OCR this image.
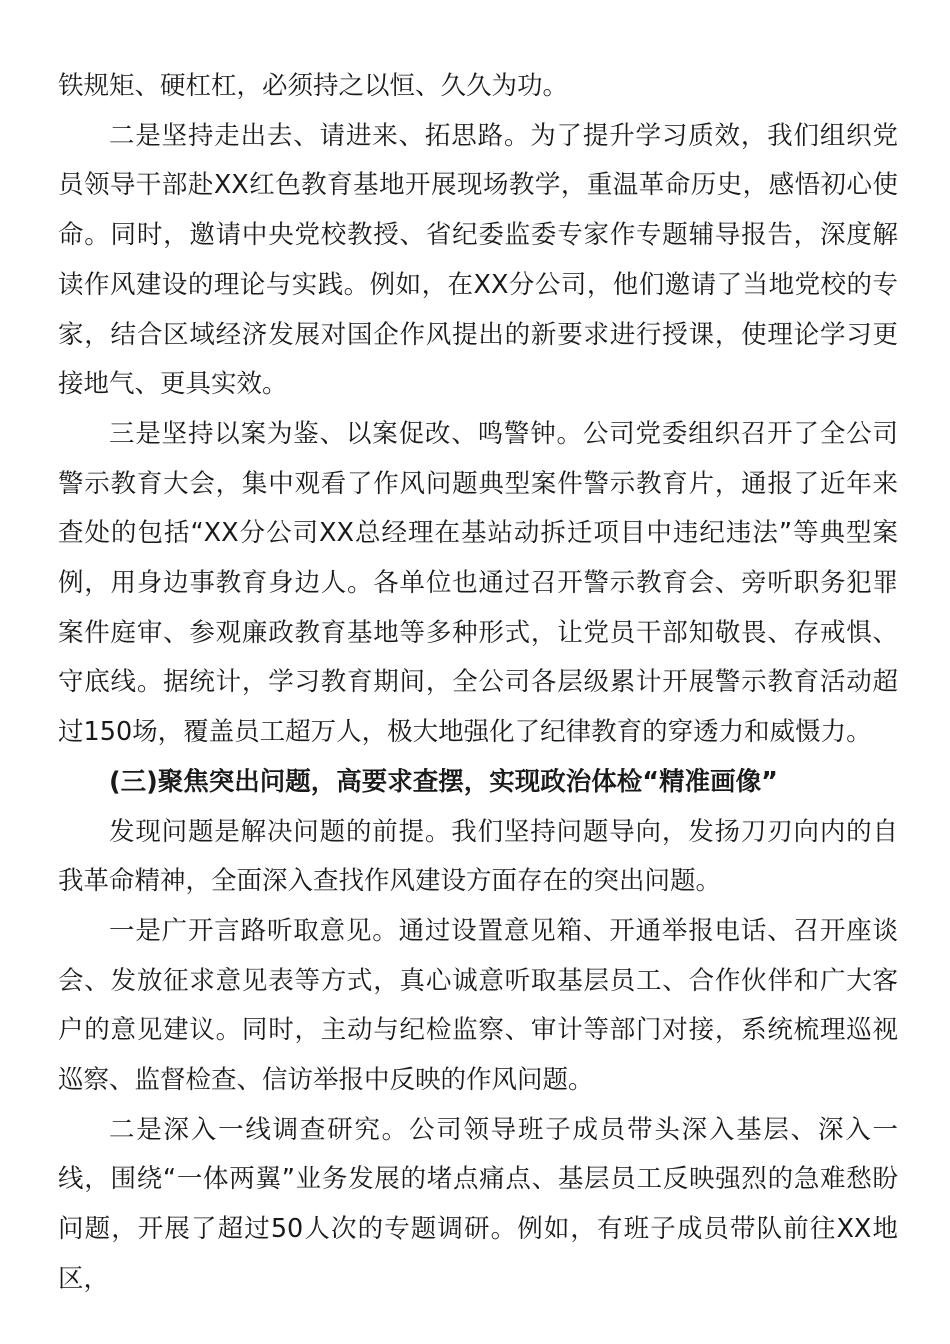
铁规矩、硬杠杠，必须持之以恒、久久为功。

二是坚持走出去、请进来、拓思路。为了提升学习质效，我们组织党员领导干部赴XX红色教育基地开展现场教学，重温革命历史，感悟初心使命。同时，邀请中央党校教授、省纪委监委专家作专题辅导报告，深度解读作风建设的理论与实践。例如，在XX分公司，他们邀请了当地党校的专家，结合区域经济发展对国企作风提出的新要求进行授课，使理论学习更接地气、更具实效。

三是坚持以案为鉴、以案促改、鸣警钟。公司党委组织召开了全公司警示教育大会，集中观看了作风问题典型案件警示教育片，通报了近年来查处的包括“XX分公司XX总经理在基站动拆迁项目中违纪违法”等典型案例，用身边事教育身边人。各单位也通过召开警示教育会、旁听职务犯罪案件庭审、参观廉政教育基地等多种形式，让党员干部知敬畏、存戒惧、守底线。据统计，学习教育期间，全公司各层级累计开展警示教育活动超过150场，覆盖员工超万人，极大地强化了纪律教育的穿透力和威慑力。

(三)聚焦突出问题，高要求查摆，实现政治体检“精准画像”

发现问题是解决问题的前提。我们坚持问题导向，发扬刀刃向内的自我革命精神，全面深入查找作风建设方面存在的突出问题。

一是广开言路听取意见。通过设置意见箱、开通举报电话、召开座谈会、发放征求意见表等方式，真心诚意听取基层员工、合作伙伴和广大客户的意见建议。同时，主动与纪检监察、审计等部门对接，系统梳理巡视巡察、监督检查、信访举报中反映的作风问题。

二是深入一线调查研究。公司领导班子成员带头深入基层、深入一线，围绕“一体两翼”业务发展的堵点痛点、基层员工反映强烈的急难愁盼问题，开展了超过50人次的专题调研。例如，有班子成员带队前往XX地区，
